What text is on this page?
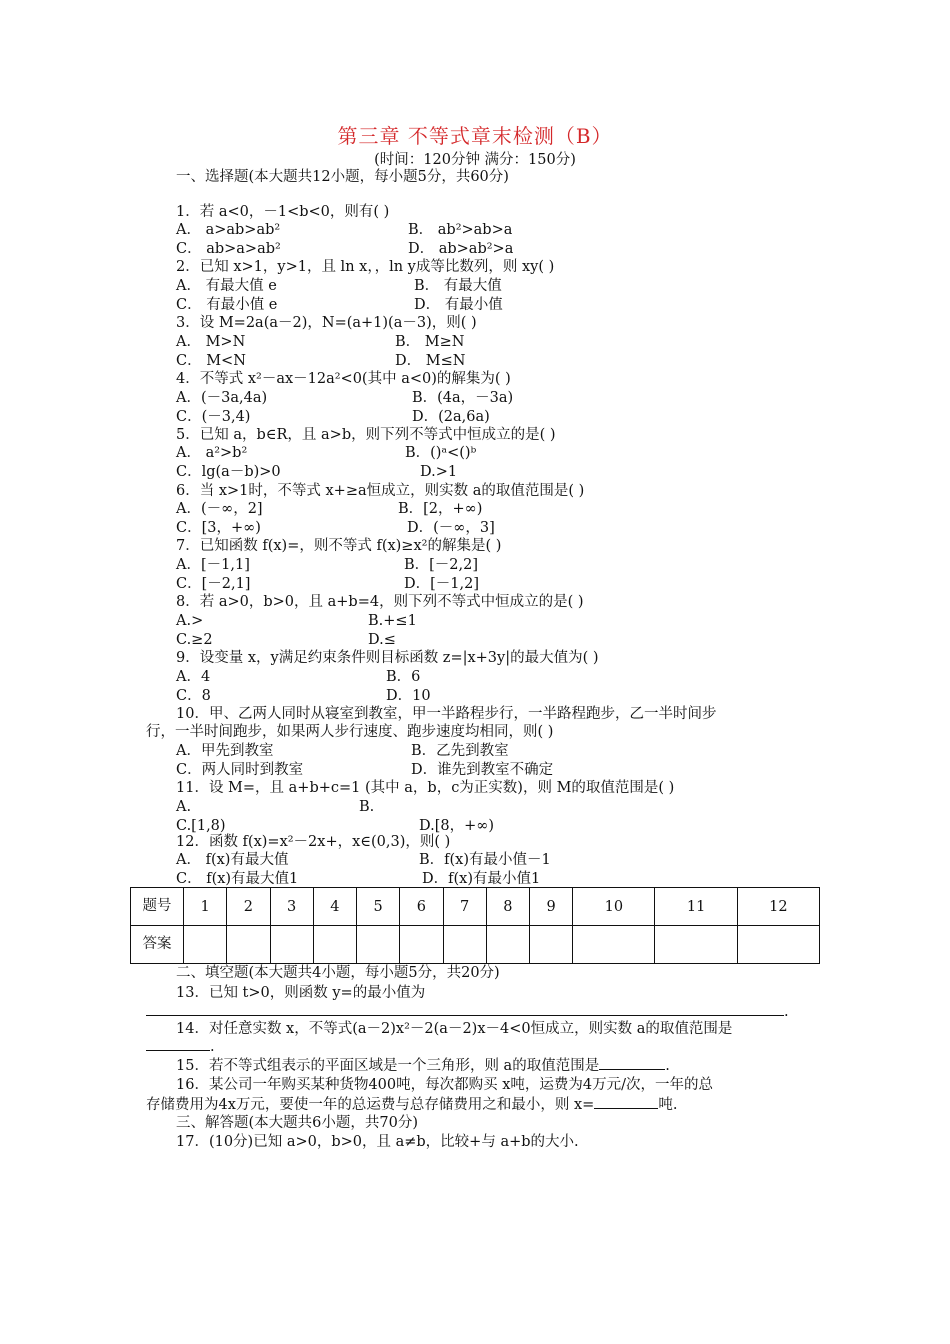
第三章 不等式章末检测（B）
(时间：120分钟 满分：150分)
一、选择题(本大题共12小题，每小题5分，共60分)
1．若 a<0，－1<b<0，则有( )
A． a>ab>ab²	B． ab²>ab>a
C． ab>a>ab²	D． ab>ab²>a
2．已知 x>1，y>1，且 ln x，，ln y成等比数列，则 xy( )
A． 有最大值 e	B． 有最大值
C． 有最小值 e	D． 有最小值
3．设 M=2a(a－2)，N=(a+1)(a－3)，则( )
A． M>N	B． M≥N
C． M<N	D． M≤N
4．不等式 x²－ax－12a²<0(其中 a<0)的解集为( )
A．(－3a,4a)	B．(4a，－3a)
C．(－3,4)	D．(2a,6a)
5．已知 a，b∈R，且 a>b，则下列不等式中恒成立的是( )
A． a²>b²	B．()ᵃ<()ᵇ
C．lg(a－b)>0	D.>1
6．当 x>1时，不等式 x+≥a恒成立，则实数 a的取值范围是( )
A．(－∞，2]	B．[2，+∞)
C．[3，+∞)	D．(－∞，3]
7．已知函数 f(x)=，则不等式 f(x)≥x²的解集是( )
A．[－1,1]	B．[－2,2]
C．[－2,1]	D．[－1,2]
8．若 a>0，b>0，且 a+b=4，则下列不等式中恒成立的是( )
A.>	B.+≤1
C.≥2	D.≤
9．设变量 x，y满足约束条件则目标函数 z=|x+3y|的最大值为( )
A．4	B．6
C．8	D．10
10．甲、乙两人同时从寝室到教室，甲一半路程步行，一半路程跑步，乙一半时间步
行，一半时间跑步，如果两人步行速度、跑步速度均相同，则( )
A．甲先到教室	B．乙先到教室
C．两人同时到教室	D．谁先到教室不确定
11．设 M=，且 a+b+c=1 (其中 a，b，c为正实数)，则 M的取值范围是( )
A.	B.
C.[1,8)	D.[8，+∞)
12．函数 f(x)=x²－2x+，x∈(0,3)，则( )
A． f(x)有最大值	B．f(x)有最小值－1
C． f(x)有最大值1	D．f(x)有最小值1
题号	1	2	3	4	5	6	7	8	9	10	11	12
答案												
二、填空题(本大题共4小题，每小题5分，共20分)
13．已知 t>0，则函数 y=的最小值为
.
14．对任意实数 x，不等式(a－2)x²－2(a－2)x－4<0恒成立，则实数 a的取值范围是
.
15．若不等式组表示的平面区域是一个三角形，则 a的取值范围是	.
16．某公司一年购买某种货物400吨，每次都购买 x吨，运费为4万元/次，一年的总
存储费用为4x万元，要使一年的总运费与总存储费用之和最小，则 x=	吨.
三、解答题(本大题共6小题，共70分)
17．(10分)已知 a>0，b>0，且 a≠b，比较+与 a+b的大小.
